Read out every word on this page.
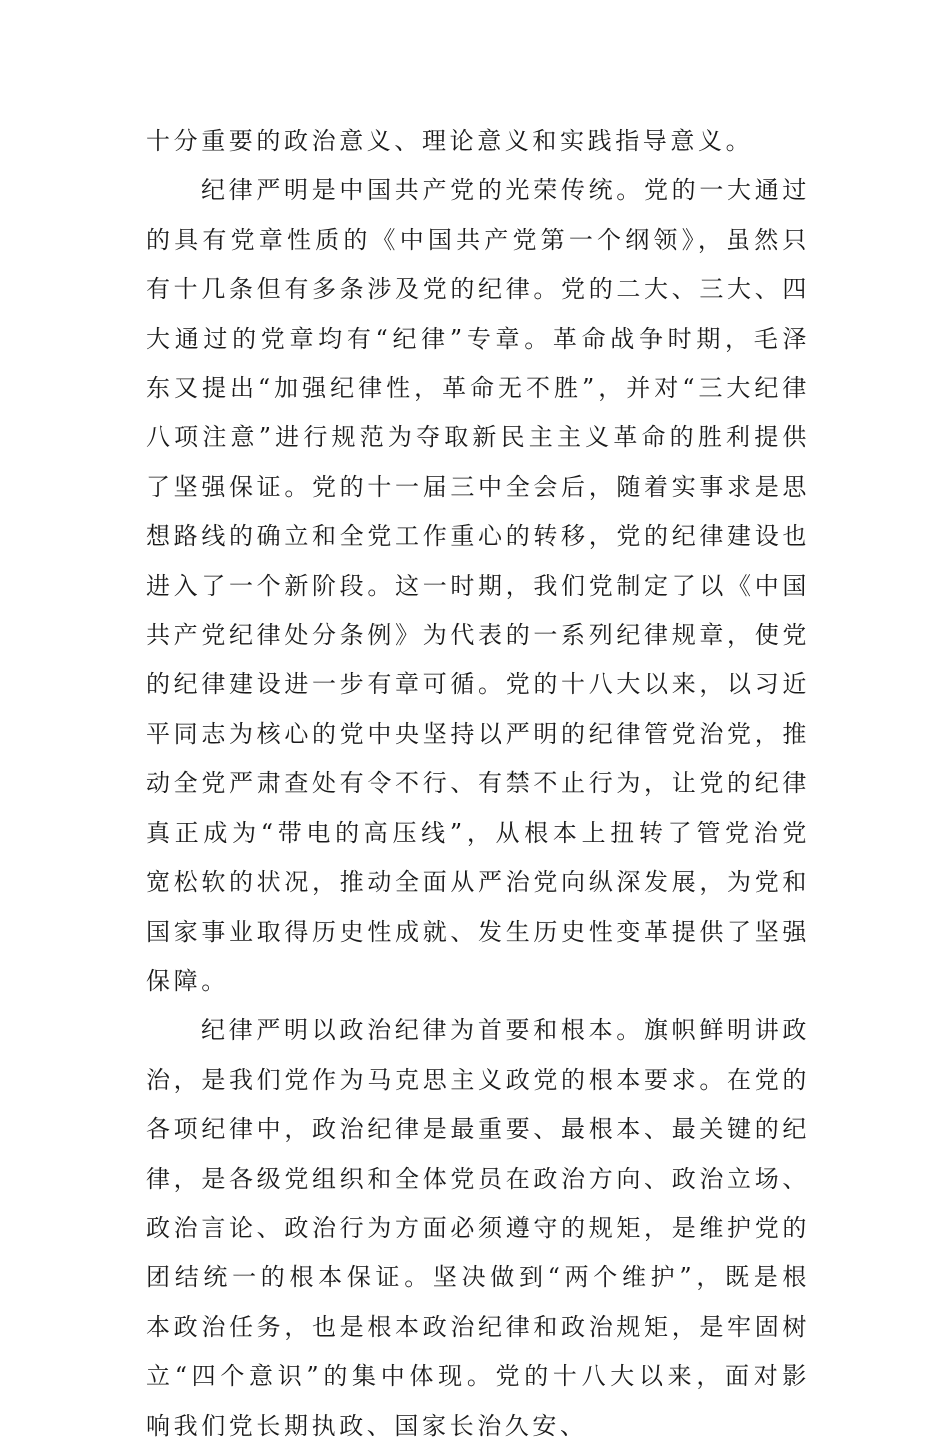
十分重要的政治意义、理论意义和实践指导意义。

纪律严明是中国共产党的光荣传统。党的一大通过的具有党章性质的《中国共产党第一个纲领》，虽然只有十几条但有多条涉及党的纪律。党的二大、三大、四大通过的党章均有“纪律”专章。革命战争时期，毛泽东又提出“加强纪律性，革命无不胜”，并对“三大纪律八项注意”进行规范为夺取新民主主义革命的胜利提供了坚强保证。党的十一届三中全会后，随着实事求是思想路线的确立和全党工作重心的转移，党的纪律建设也进入了一个新阶段。这一时期，我们党制定了以《中国共产党纪律处分条例》为代表的一系列纪律规章，使党的纪律建设进一步有章可循。党的十八大以来，以习近平同志为核心的党中央坚持以严明的纪律管党治党，推动全党严肃查处有令不行、有禁不止行为，让党的纪律真正成为“带电的高压线”，从根本上扭转了管党治党宽松软的状况，推动全面从严治党向纵深发展，为党和国家事业取得历史性成就、发生历史性变革提供了坚强保障。

纪律严明以政治纪律为首要和根本。旗帜鲜明讲政治，是我们党作为马克思主义政党的根本要求。在党的各项纪律中，政治纪律是最重要、最根本、最关键的纪律，是各级党组织和全体党员在政治方向、政治立场、政治言论、政治行为方面必须遵守的规矩，是维护党的团结统一的根本保证。坚决做到“两个维护”，既是根本政治任务，也是根本政治纪律和政治规矩，是牢固树立“四个意识”的集中体现。党的十八大以来，面对影响我们党长期执政、国家长治久安、
